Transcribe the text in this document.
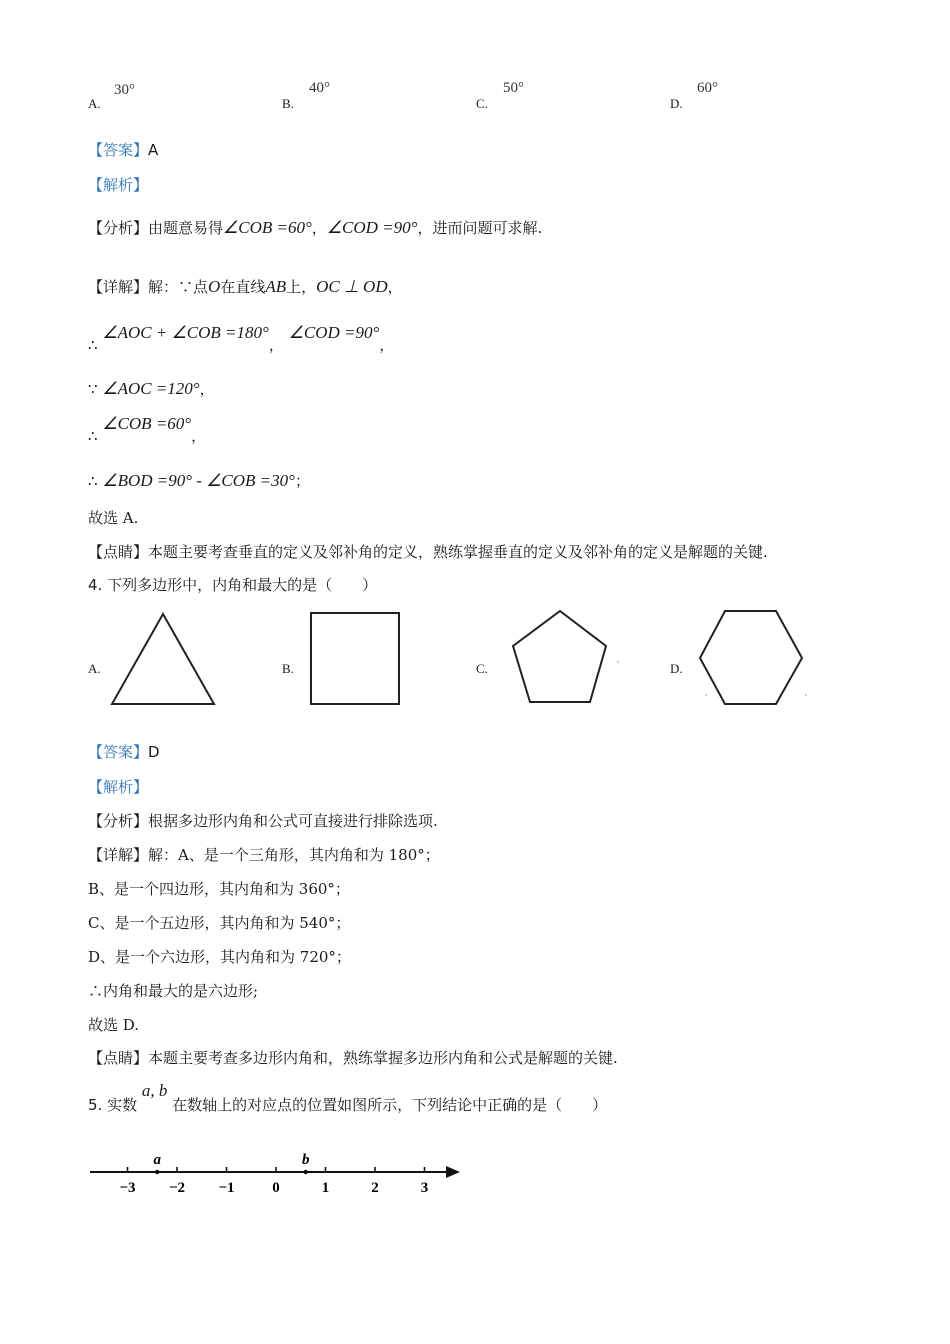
A.
30°
B.
40°
C.
50°
D.
60°
【答案】A
【解析】
【分析】由题意易得∠COB =60°，∠COD =90°，进而问题可求解.
【详解】解：∵点O在直线AB上，OC ⊥ OD，
∴ ∠AOC + ∠COB =180°， ∠COD =90°，
∵ ∠AOC =120°，
∴ ∠COB =60°，
∴ ∠BOD =90° - ∠COB =30°；
故选 A.
【点睛】本题主要考查垂直的定义及邻补角的定义，熟练掌握垂直的定义及邻补角的定义是解题的关键.
4. 下列多边形中，内角和最大的是（　　）
A.	B.	C.	D.
【答案】D
【解析】
【分析】根据多边形内角和公式可直接进行排除选项.
【详解】解：A、是一个三角形，其内角和为 180°；
B、是一个四边形，其内角和为 360°；
C、是一个五边形，其内角和为 540°；
D、是一个六边形，其内角和为 720°；
∴内角和最大的是六边形;
故选 D.
【点睛】本题主要考查多边形内角和，熟练掌握多边形内角和公式是解题的关键.
5. 实数 a, b 在数轴上的对应点的位置如图所示，下列结论中正确的是（　　）
−3 −2 −1	0	1	2	3
a	b
